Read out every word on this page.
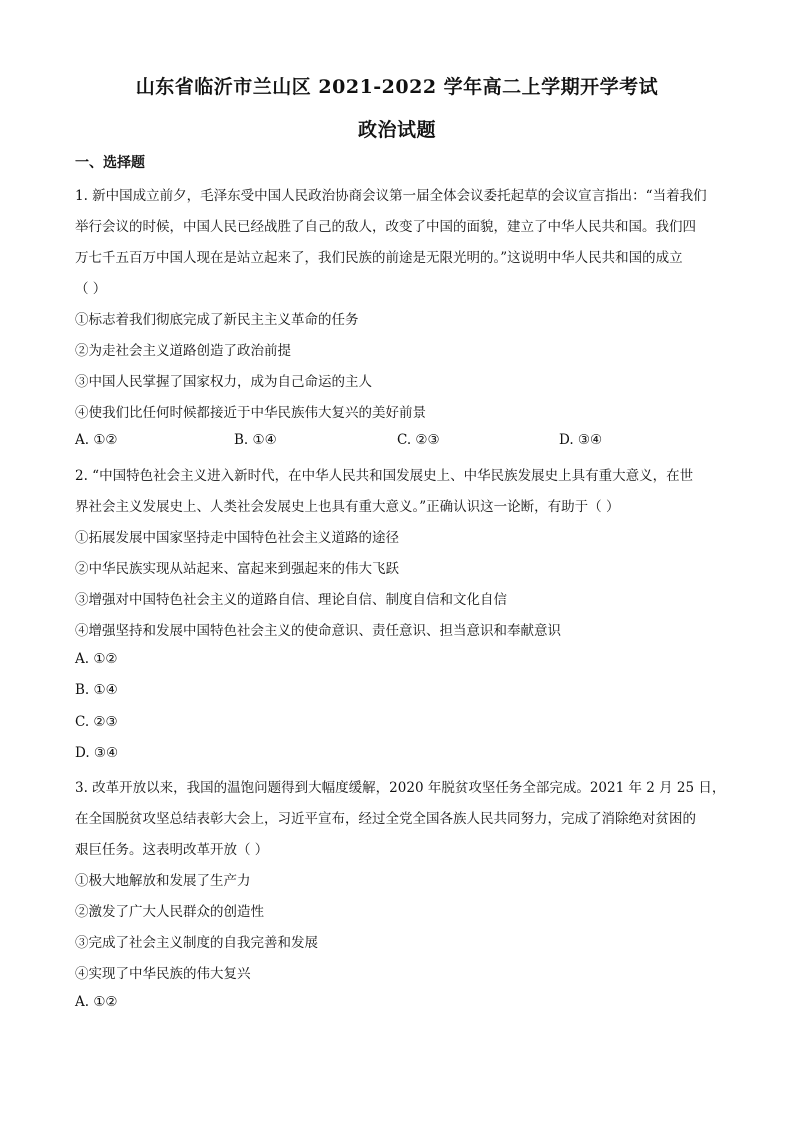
山东省临沂市兰山区 2021-2022 学年高二上学期开学考试
政治试题
一、选择题
1. 新中国成立前夕，毛泽东受中国人民政治协商会议第一届全体会议委托起草的会议宣言指出：“当着我们
举行会议的时候，中国人民已经战胜了自己的敌人，改变了中国的面貌，建立了中华人民共和国。我们四
万七千五百万中国人现在是站立起来了，我们民族的前途是无限光明的。”这说明中华人民共和国的成立
（ ）
①标志着我们彻底完成了新民主主义革命的任务
②为走社会主义道路创造了政治前提
③中国人民掌握了国家权力，成为自己命运的主人
④使我们比任何时候都接近于中华民族伟大复兴的美好前景
A. ①②	B. ①④	C. ②③	D. ③④
2. “中国特色社会主义进入新时代，在中华人民共和国发展史上、中华民族发展史上具有重大意义，在世
界社会主义发展史上、人类社会发展史上也具有重大意义。”正确认识这一论断，有助于（ ）
①拓展发展中国家坚持走中国特色社会主义道路的途径
②中华民族实现从站起来、富起来到强起来的伟大飞跃
③增强对中国特色社会主义的道路自信、理论自信、制度自信和文化自信
④增强坚持和发展中国特色社会主义的使命意识、责任意识、担当意识和奉献意识
A. ①②
B. ①④
C. ②③
D. ③④
3. 改革开放以来，我国的温饱问题得到大幅度缓解，2020 年脱贫攻坚任务全部完成。2021 年 2 月 25 日，
在全国脱贫攻坚总结表彰大会上，习近平宣布，经过全党全国各族人民共同努力，完成了消除绝对贫困的
艰巨任务。这表明改革开放（ ）
①极大地解放和发展了生产力
②激发了广大人民群众的创造性
③完成了社会主义制度的自我完善和发展
④实现了中华民族的伟大复兴
A. ①②
